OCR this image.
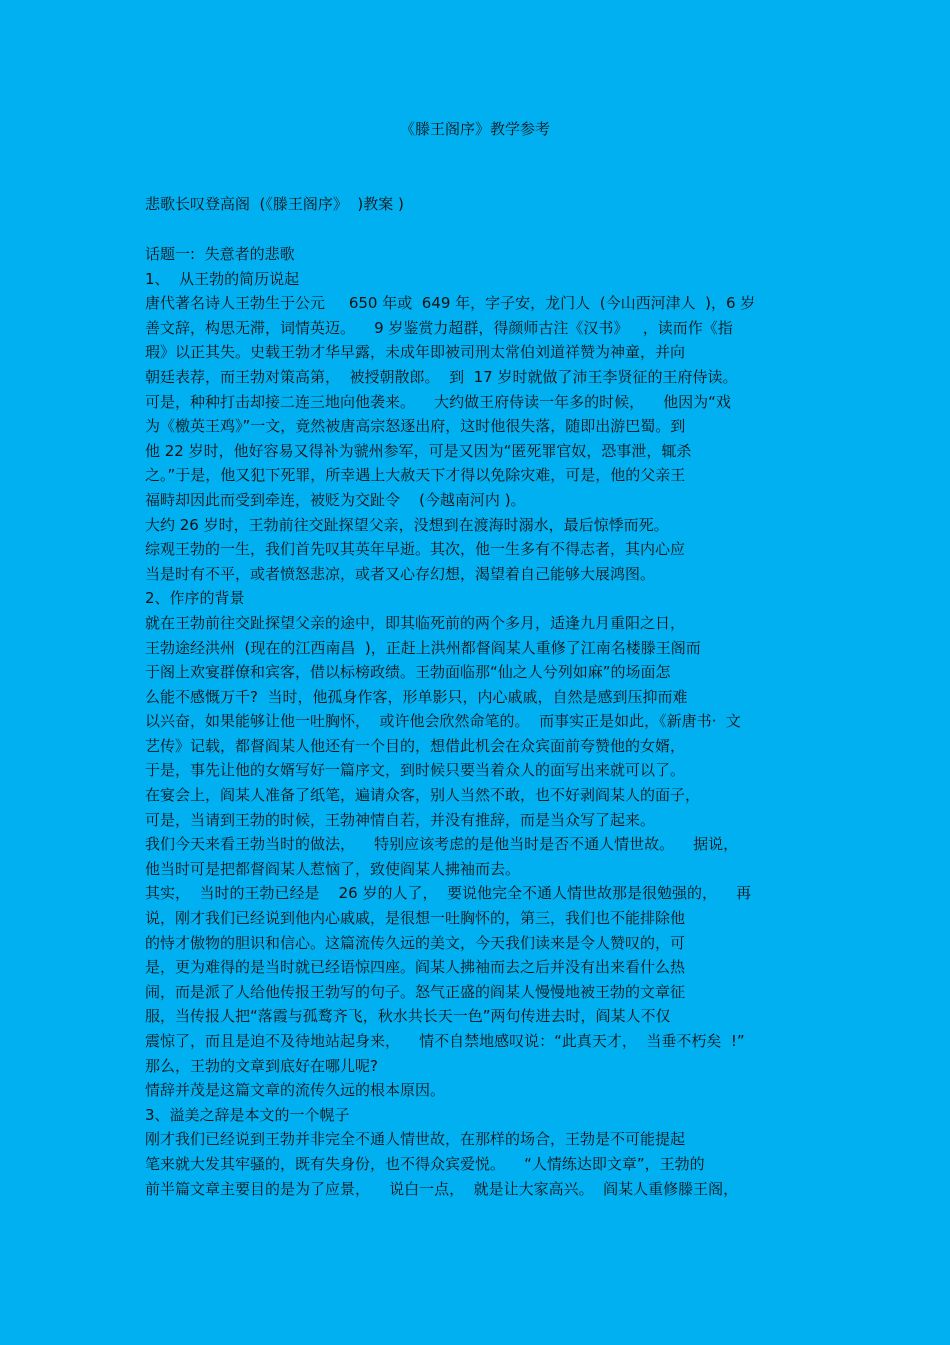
《滕王阁序》教学参考

悲歌长叹登高阁  (《滕王阁序》  )教案 )

话题一:  失意者的悲歌
1、  从王勃的简历说起
唐代著名诗人王勃生于公元     650 年或  649 年，字子安，龙门人  (今山西河津人  )，6 岁
善文辞，构思无滞，词情英迈。    9 岁鉴赏力超群，得颜师古注《汉书》   ，读而作《指
瑕》以正其失。史载王勃才华早露，未成年即被司刑太常伯刘道祥赞为神童，并向
朝廷表荐，而王勃对策高第，  被授朝散郎。  到  17 岁时就做了沛王李贤征的王府侍读。
可是，种种打击却接二连三地向他袭来。    大约做王府侍读一年多的时候，    他因为“戏
为《檄英王鸡》”一文，竟然被唐高宗怒逐出府，这时他很失落，随即出游巴蜀。到
他 22 岁时，他好容易又得补为虢州参军，可是又因为“匿死罪官奴，恐事泄，辄杀
之。”于是，他又犯下死罪，所幸遇上大赦天下才得以免除灾难，可是，他的父亲王
福畤却因此而受到牵连，被贬为交趾令    (今越南河内 )。
大约 26 岁时，王勃前往交趾探望父亲，没想到在渡海时溺水，最后惊悸而死。
综观王勃的一生，我们首先叹其英年早逝。其次，他一生多有不得志者，其内心应
当是时有不平，或者愤怒悲凉，或者又心存幻想，渴望着自己能够大展鸿图。
2、作序的背景
就在王勃前往交趾探望父亲的途中，即其临死前的两个多月，适逢九月重阳之日，
王勃途经洪州  (现在的江西南昌  )，正赶上洪州都督阎某人重修了江南名楼滕王阁而
于阁上欢宴群僚和宾客，借以标榜政绩。王勃面临那“仙之人兮列如麻”的场面怎
么能不感慨万千?  当时，他孤身作客，形单影只，内心戚戚，自然是感到压抑而难
以兴奋，如果能够让他一吐胸怀，  或许他会欣然命笔的。  而事实正是如此，《新唐书·  文
艺传》记载，都督阎某人他还有一个目的，想借此机会在众宾面前夸赞他的女婿，
于是，事先让他的女婿写好一篇序文，到时候只要当着众人的面写出来就可以了。
在宴会上，阎某人准备了纸笔，遍请众客，别人当然不敢，也不好剥阎某人的面子，
可是，当请到王勃的时候，王勃神情自若，并没有推辞，而是当众写了起来。
我们今天来看王勃当时的做法，    特别应该考虑的是他当时是否不通人情世故。    据说，
他当时可是把都督阎某人惹恼了，致使阎某人拂袖而去。
其实，  当时的王勃已经是    26 岁的人了，  要说他完全不通人情世故那是很勉强的，    再
说，刚才我们已经说到他内心戚戚，是很想一吐胸怀的，第三，我们也不能排除他
的恃才傲物的胆识和信心。这篇流传久远的美文，今天我们读来是令人赞叹的，可
是，更为难得的是当时就已经语惊四座。阎某人拂袖而去之后并没有出来看什么热
闹，而是派了人给他传报王勃写的句子。怒气正盛的阎某人慢慢地被王勃的文章征
服，当传报人把“落霞与孤鹜齐飞，秋水共长天一色”两句传进去时，阎某人不仅
震惊了，而且是迫不及待地站起身来，    情不自禁地感叹说：“此真天才，  当垂不朽矣  !”
那么，王勃的文章到底好在哪儿呢?
情辞并茂是这篇文章的流传久远的根本原因。
3、溢美之辞是本文的一个幌子
刚才我们已经说到王勃并非完全不通人情世故，在那样的场合，王勃是不可能提起
笔来就大发其牢骚的，既有失身份，也不得众宾爱悦。    “人情练达即文章”，王勃的
前半篇文章主要目的是为了应景，    说白一点，  就是让大家高兴。  阎某人重修滕王阁，
